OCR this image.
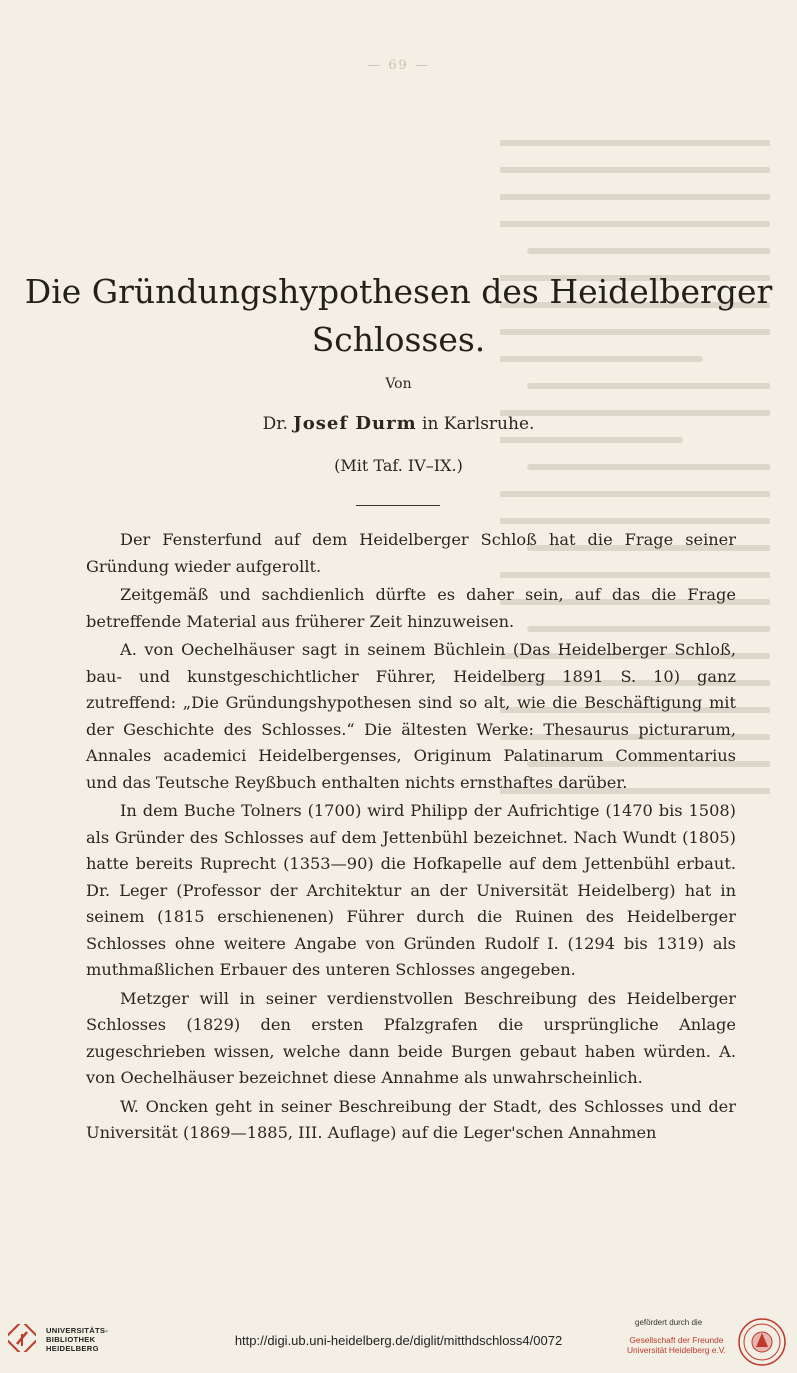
— 69 —
Die Gründungshypothesen des Heidelberger
Schlosses.
Von
Dr. Josef Durm in Karlsruhe.
(Mit Taf. IV–IX.)

Der Fensterfund auf dem Heidelberger Schloß hat die Frage seiner Gründung wieder aufgerollt.

Zeitgemäß und sachdienlich dürfte es daher sein, auf das die Frage betreffende Material aus früherer Zeit hinzuweisen.

A. von Oechelhäuser sagt in seinem Büchlein (Das Heidelberger Schloß, bau- und kunstgeschichtlicher Führer, Heidelberg 1891 S. 10) ganz zutreffend: „Die Gründungshypothesen sind so alt, wie die Beschäftigung mit der Geschichte des Schlosses.“ Die ältesten Werke: Thesaurus picturarum, Annales academici Heidelbergenses, Originum Palatinarum Commentarius und das Teutsche Reyßbuch enthalten nichts ernsthaftes darüber.

In dem Buche Tolners (1700) wird Philipp der Aufrichtige (1470 bis 1508) als Gründer des Schlosses auf dem Jettenbühl bezeichnet. Nach Wundt (1805) hatte bereits Ruprecht (1353—90) die Hofkapelle auf dem Jettenbühl erbaut. Dr. Leger (Professor der Architektur an der Universität Heidelberg) hat in seinem (1815 erschienenen) Führer durch die Ruinen des Heidelberger Schlosses ohne weitere Angabe von Gründen Rudolf I. (1294 bis 1319) als muthmaßlichen Erbauer des unteren Schlosses angegeben.

Metzger will in seiner verdienstvollen Beschreibung des Heidelberger Schlosses (1829) den ersten Pfalzgrafen die ursprüngliche Anlage zugeschrieben wissen, welche dann beide Burgen gebaut haben würden. A. von Oechelhäuser bezeichnet diese Annahme als unwahrscheinlich.

W. Oncken geht in seiner Beschreibung der Stadt, des Schlosses und der Universität (1869—1885, III. Auflage) auf die Leger'schen Annahmen

UNIVERSITÄTS-
BIBLIOTHEK
HEIDELBERG
http://digi.ub.uni-heidelberg.de/diglit/mitthdschloss4/0072
gefördert durch die
Gesellschaft der Freunde
Universität Heidelberg e.V.
